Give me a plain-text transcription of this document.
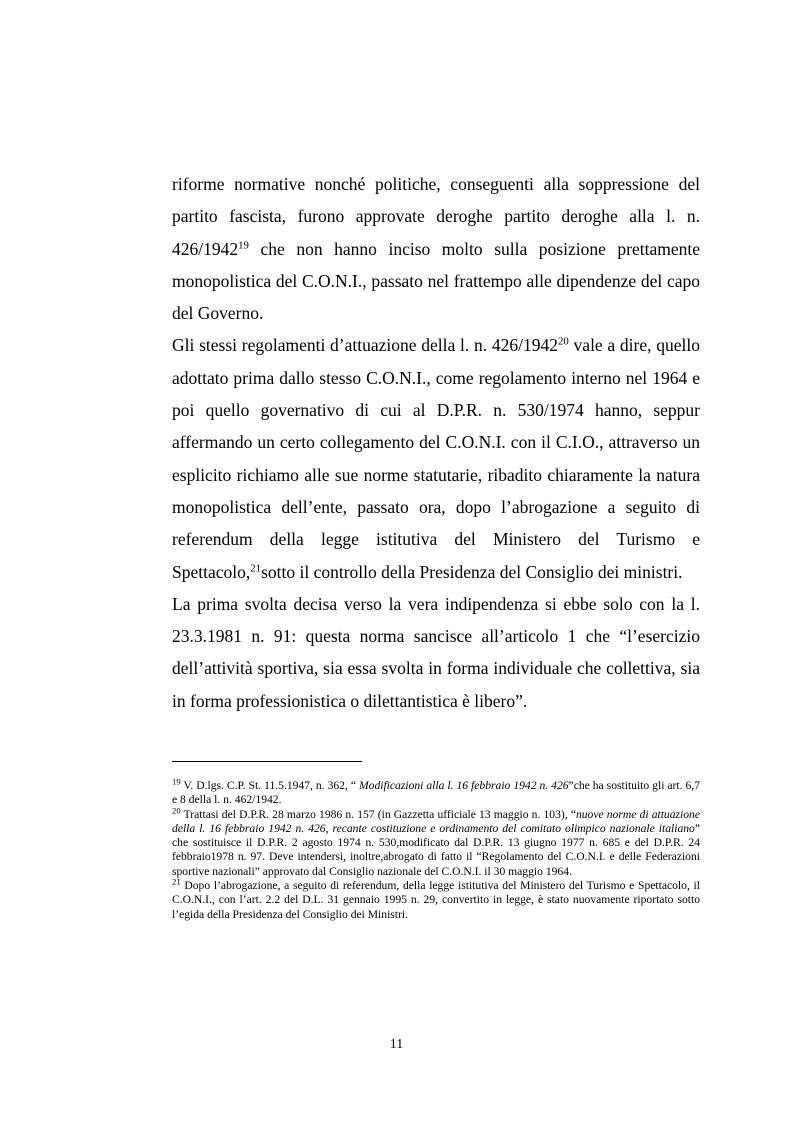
riforme normative nonché politiche, conseguenti alla soppressione del partito fascista, furono approvate deroghe partito deroghe alla l. n. 426/1942$^{19}$ che non hanno inciso molto sulla posizione prettamente monopolistica del C.O.N.I., passato nel frattempo alle dipendenze del capo del Governo.

Gli stessi regolamenti d’attuazione della l. n. 426/1942$^{20}$ vale a dire, quello adottato prima dallo stesso C.O.N.I., come regolamento interno nel 1964 e poi quello governativo di cui al D.P.R. n. 530/1974 hanno, seppur affermando un certo collegamento del C.O.N.I. con il C.I.O., attraverso un esplicito richiamo alle sue norme statutarie, ribadito chiaramente la natura monopolistica dell’ente, passato ora, dopo l’abrogazione a seguito di referendum della legge istitutiva del Ministero del Turismo e Spettacolo,$^{21}$sotto il controllo della Presidenza del Consiglio dei ministri.

La prima svolta decisa verso la vera indipendenza si ebbe solo con la l. 23.3.1981 n. 91: questa norma sancisce all’articolo 1 che “l’esercizio dell’attività sportiva, sia essa svolta in forma individuale che collettiva, sia in forma professionistica o dilettantistica è libero”.

$^{19}$ V. D.lgs. C.P. St. 11.5.1947, n. 362, “ Modificazioni alla l. 16 febbraio 1942 n. 426”che ha sostituito gli art. 6,7 e 8 della l. n. 462/1942.

$^{20}$ Trattasi del D.P.R. 28 marzo 1986 n. 157 (in Gazzetta ufficiale 13 maggio n. 103), “nuove norme di attuazione della l. 16 febbraio 1942 n. 426, recante costituzione e ordinamento del comitato olimpico nazionale italiano” che sostituisce il D.P.R. 2 agosto 1974 n. 530,modificato dal D.P.R. 13 giugno 1977 n. 685 e del D.P.R. 24 febbraio1978 n. 97. Deve intendersi, inoltre,abrogato di fatto il “Regolamento del C.O.N.I. e delle Federazioni sportive nazionali” approvato dal Consiglio nazionale del C.O.N.I. il 30 maggio 1964.

$^{21}$ Dopo l’abrogazione, a seguito di referendum, della legge istitutiva del Ministero del Turismo e Spettacolo, il C.O.N.I., con l’art. 2.2 del D.L. 31 gennaio 1995 n. 29, convertito in legge, è stato nuovamente riportato sotto l’egida della Presidenza del Consiglio dei Ministri.

11
